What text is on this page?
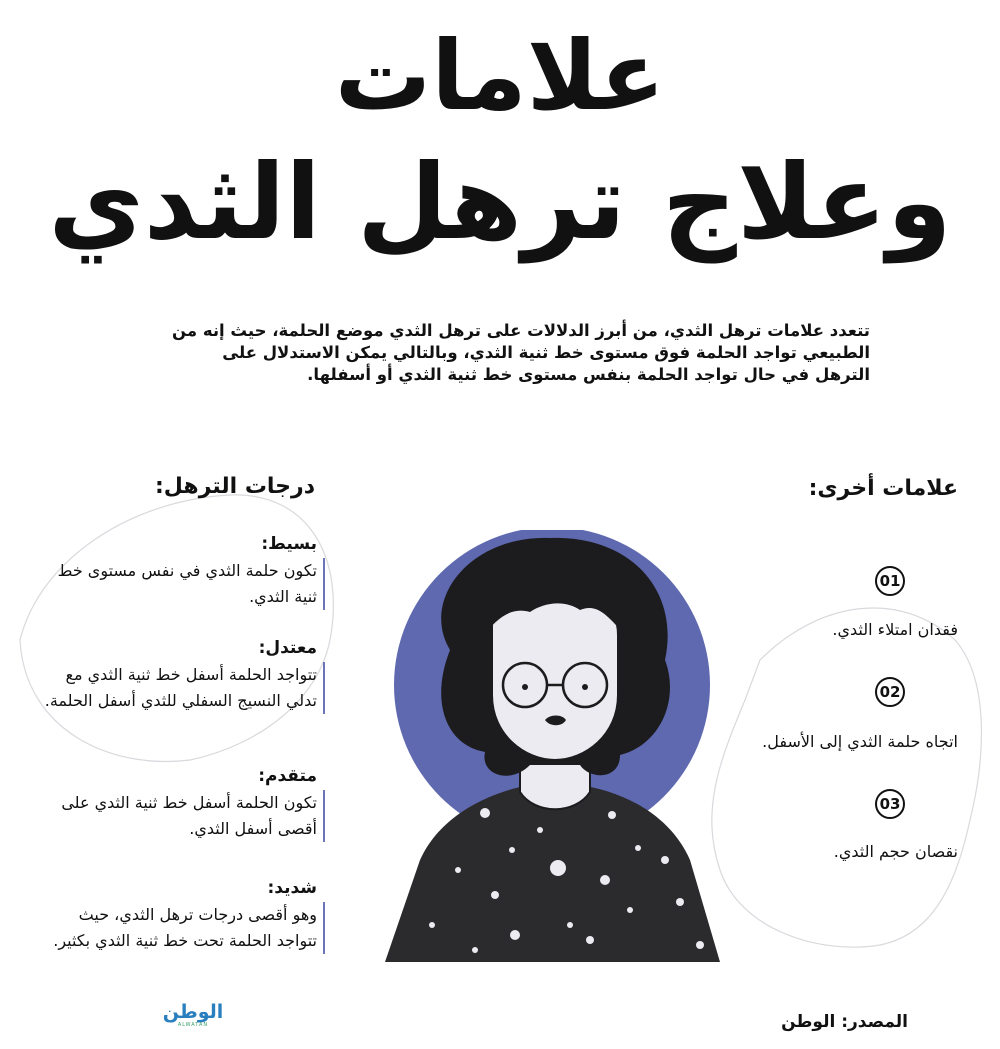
علامات
وعلاج ترهل الثدي
تتعدد علامات ترهل الثدي، من أبرز الدلالات على ترهل الثدي موضع الحلمة، حيث إنه من الطبيعي تواجد الحلمة فوق مستوى خط ثنية الثدي، وبالتالي يمكن الاستدلال على الترهل في حال تواجد الحلمة بنفس مستوى خط ثنية الثدي أو أسفلها.
درجات الترهل:
بسيط:
تكون حلمة الثدي في نفس مستوى خط ثنية الثدي.
معتدل:
تتواجد الحلمة أسفل خط ثنية الثدي مع تدلي النسيج السفلي للثدي أسفل الحلمة.
متقدم:
تكون الحلمة أسفل خط ثنية الثدي على أقصى أسفل الثدي.
شديد:
وهو أقصى درجات ترهل الثدي، حيث تتواجد الحلمة تحت خط ثنية الثدي بكثير.
علامات أخرى:
01
فقدان امتلاء الثدي.
02
اتجاه حلمة الثدي إلى الأسفل.
03
نقصان حجم الثدي.
الوطن
ALWATAN	المصدر: الوطن
